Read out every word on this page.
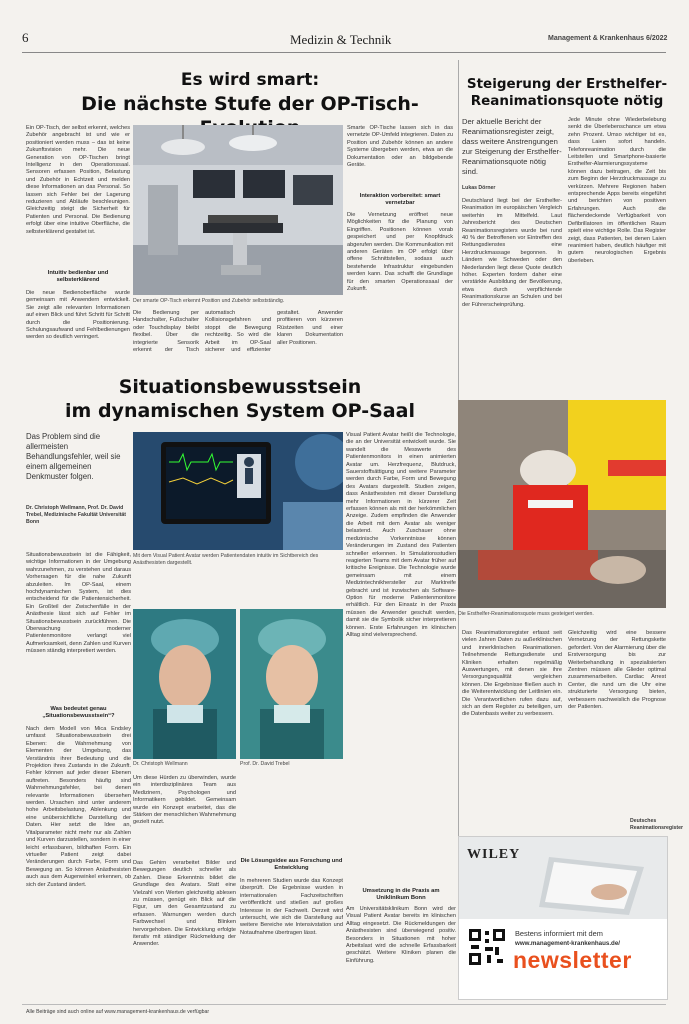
6	Medizin & Technik	Management & Krankenhaus 6/2022
Es wird smart:
Die nächste Stufe der OP-Tisch-
Ein OP-Tisch, der selbst erkennt, welches Zubehör angebracht ist und wie er positioniert werden muss – das ist keine Zukunftsvision mehr. Die neue Generation von OP-Tischen bringt Intelligenz in den Operationssaal. Sensoren erfassen Position, Belastung und Zubehör in Echtzeit und melden diese Informationen an das Personal. So lassen sich Fehler bei der Lagerung reduzieren und Abläufe beschleunigen. Gleichzeitig steigt die Sicherheit für Patienten und Personal. Die Bedienung erfolgt über eine intuitive Oberfläche, die selbsterklärend gestaltet ist.
Intuitiv bedienbar und selbsterklärend
Die neue Bedienoberfläche wurde gemeinsam mit Anwendern entwickelt. Sie zeigt alle relevanten Informationen auf einen Blick und führt Schritt für Schritt durch die Positionierung. Schulungsaufwand und Fehlbedienungen werden so deutlich verringert.
Der smarte OP-Tisch erkennt Position und Zubehör selbstständig.
Smarte OP-Tische lassen sich in das vernetzte OP-Umfeld integrieren. Daten zu Position und Zubehör können an andere Systeme übergeben werden, etwa an die Dokumentation oder an bildgebende Geräte.
Interaktion vorbereitet: smart vernetzbar
Die Vernetzung eröffnet neue Möglichkeiten für die Planung von Eingriffen. Positionen können vorab gespeichert und per Knopfdruck abgerufen werden. Die Kommunikation mit anderen Geräten im OP erfolgt über offene Schnittstellen, sodass auch bestehende Infrastruktur eingebunden werden kann. Das schafft die Grundlage für den smarten Operationssaal der Zukunft.
Die Bedienung per Handschalter, Fußschalter oder Touchdisplay bleibt flexibel. Über die integrierte Sensorik erkennt der Tisch automatisch Kollisionsgefahren und stoppt die Bewegung rechtzeitig. So wird die Arbeit im OP-Saal sicherer und effizienter gestaltet. Anwender profitieren von kürzeren Rüstzeiten und einer klaren Dokumentation aller Positionen.
Situationsbewusstsein
im dynamischen System OP-Saal
Das Problem sind die allermeisten Behandlungsfehler, weil sie einem allgemeinen Denkmuster folgen.
Dr. Christoph Wellmann, Prof. Dr. David Trebel, Medizinische Fakultät Universität Bonn
Mit dem Visual Patient Avatar werden Patientendaten intuitiv im Sichtbereich des Anästhesisten dargestellt.
Situationsbewusstsein ist die Fähigkeit, wichtige Informationen in der Umgebung wahrzunehmen, zu verstehen und daraus Vorhersagen für die nahe Zukunft abzuleiten. Im OP-Saal, einem hochdynamischen System, ist dies entscheidend für die Patientensicherheit. Ein Großteil der Zwischenfälle in der Anästhesie lässt sich auf Fehler im Situationsbewusstsein zurückführen. Die Überwachung moderner Patientenmonitore verlangt viel Aufmerksamkeit, denn Zahlen und Kurven müssen ständig interpretiert werden.
Was bedeutet genau „Situationsbewusstsein“?
Nach dem Modell von Mica Endsley umfasst Situationsbewusstsein drei Ebenen: die Wahrnehmung von Elementen der Umgebung, das Verständnis ihrer Bedeutung und die Projektion ihres Zustands in die Zukunft. Fehler können auf jeder dieser Ebenen auftreten. Besonders häufig sind Wahrnehmungsfehler, bei denen relevante Informationen übersehen werden. Ursachen sind unter anderem hohe Arbeitsbelastung, Ablenkung und eine unübersichtliche Darstellung der Daten. Hier setzt die Idee an, Vitalparameter nicht mehr nur als Zahlen und Kurven darzustellen, sondern in einer leicht erfassbaren, bildhaften Form. Ein virtueller Patient zeigt dabei Veränderungen durch Farbe, Form und Bewegung an. So können Anästhesisten auch aus dem Augenwinkel erkennen, ob sich der Zustand ändert.
Dr. Christoph Wellmann	Prof. Dr. David Trebel
Visual Patient Avatar heißt die Technologie, die an der Universität entwickelt wurde. Sie wandelt die Messwerte des Patientenmonitors in einen animierten Avatar um. Herzfrequenz, Blutdruck, Sauerstoffsättigung und weitere Parameter werden durch Farbe, Form und Bewegung des Avatars dargestellt. Studien zeigen, dass Anästhesisten mit dieser Darstellung mehr Informationen in kürzerer Zeit erfassen können als mit der herkömmlichen Anzeige. Zudem empfinden die Anwender die Arbeit mit dem Avatar als weniger belastend. Auch Zuschauer ohne medizinische Vorkenntnisse können Veränderungen im Zustand des Patienten schneller erkennen. In Simulationsstudien reagierten Teams mit dem Avatar früher auf kritische Ereignisse. Die Technologie wurde gemeinsam mit einem Medizintechnikhersteller zur Marktreife gebracht und ist inzwischen als Software-Option für moderne Patientenmonitore erhältlich. Für den Einsatz in der Praxis müssen die Anwender geschult werden, damit sie die Symbolik sicher interpretieren können. Erste Erfahrungen im klinischen Alltag sind vielversprechend.
Um diese Hürden zu überwinden, wurde ein interdisziplinäres Team aus Medizinern, Psychologen und Informatikern gebildet. Gemeinsam wurde ein Konzept erarbeitet, das die Stärken der menschlichen Wahrnehmung gezielt nutzt.
Die Lösungsidee aus Forschung und Entwicklung
Das Gehirn verarbeitet Bilder und Bewegungen deutlich schneller als Zahlen. Diese Erkenntnis bildet die Grundlage des Avatars. Statt eine Vielzahl von Werten gleichzeitig ablesen zu müssen, genügt ein Blick auf die Figur, um den Gesamtzustand zu erfassen. Warnungen werden durch Farbwechsel und Blinken hervorgehoben. Die Entwicklung erfolgte iterativ mit ständiger Rückmeldung der Anwender.
In mehreren Studien wurde das Konzept überprüft. Die Ergebnisse wurden in internationalen Fachzeitschriften veröffentlicht und stießen auf großes Interesse in der Fachwelt. Derzeit wird untersucht, wie sich die Darstellung auf weitere Bereiche wie Intensivstation und Notaufnahme übertragen lässt.
Umsetzung in die Praxis am Uniklinikum Bonn
Am Universitätsklinikum Bonn wird der Visual Patient Avatar bereits im klinischen Alltag eingesetzt. Die Rückmeldungen der Anästhesisten sind überwiegend positiv. Besonders in Situationen mit hoher Arbeitslast wird die schnelle Erfassbarkeit geschätzt. Weitere Kliniken planen die Einführung.
Steigerung der Ersthelfer-
Reanimationsquote nötig
Der aktuelle Bericht der Reanimationsregister zeigt, dass weitere Anstrengungen zur Steigerung der Ersthelfer-Reanimationsquote nötig sind.
Lukas Dörner
Deutschland liegt bei der Ersthelfer-Reanimation im europäischen Vergleich weiterhin im Mittelfeld. Laut Jahresbericht des Deutschen Reanimationsregisters wurde bei rund 40 % der Betroffenen vor Eintreffen des Rettungsdienstes eine Herzdruckmassage begonnen. In Ländern wie Schweden oder den Niederlanden liegt diese Quote deutlich höher. Experten fordern daher eine verstärkte Ausbildung der Bevölkerung, etwa durch verpflichtende Reanimationskurse an Schulen und bei der Führerscheinprüfung.
Jede Minute ohne Wiederbelebung senkt die Überlebenschance um etwa zehn Prozent. Umso wichtiger ist es, dass Laien sofort handeln. Telefonreanimation durch die Leitstellen und Smartphone-basierte Ersthelfer-Alarmierungssysteme können dazu beitragen, die Zeit bis zum Beginn der Herzdruckmassage zu verkürzen. Mehrere Regionen haben entsprechende Apps bereits eingeführt und berichten von positiven Erfahrungen. Auch die flächendeckende Verfügbarkeit von Defibrillatoren im öffentlichen Raum spielt eine wichtige Rolle. Das Register zeigt, dass Patienten, bei denen Laien reanimiert haben, deutlich häufiger mit gutem neurologischen Ergebnis überleben.
Die Ersthelfer-Reanimationsquote muss gesteigert werden.
Das Reanimationsregister erfasst seit vielen Jahren Daten zu außerklinischen und innerklinischen Reanimationen. Teilnehmende Rettungsdienste und Kliniken erhalten regelmäßig Auswertungen, mit denen sie ihre Versorgungsqualität vergleichen können. Die Ergebnisse fließen auch in die Weiterentwicklung der Leitlinien ein. Die Verantwortlichen rufen dazu auf, sich an dem Register zu beteiligen, um die Datenbasis weiter zu verbessern.
Gleichzeitig wird eine bessere Vernetzung der Rettungskette gefordert. Von der Alarmierung über die Erstversorgung bis zur Weiterbehandlung in spezialisierten Zentren müssen alle Glieder optimal zusammenarbeiten. Cardiac Arrest Center, die rund um die Uhr eine strukturierte Versorgung bieten, verbessern nachweislich die Prognose der Patienten.
Deutsches Reanimationsregister
WILEY
Bestens informiert mit dem
www.management-krankenhaus.de/
newsletter
Alle Beiträge sind auch online auf www.management-krankenhaus.de verfügbar
